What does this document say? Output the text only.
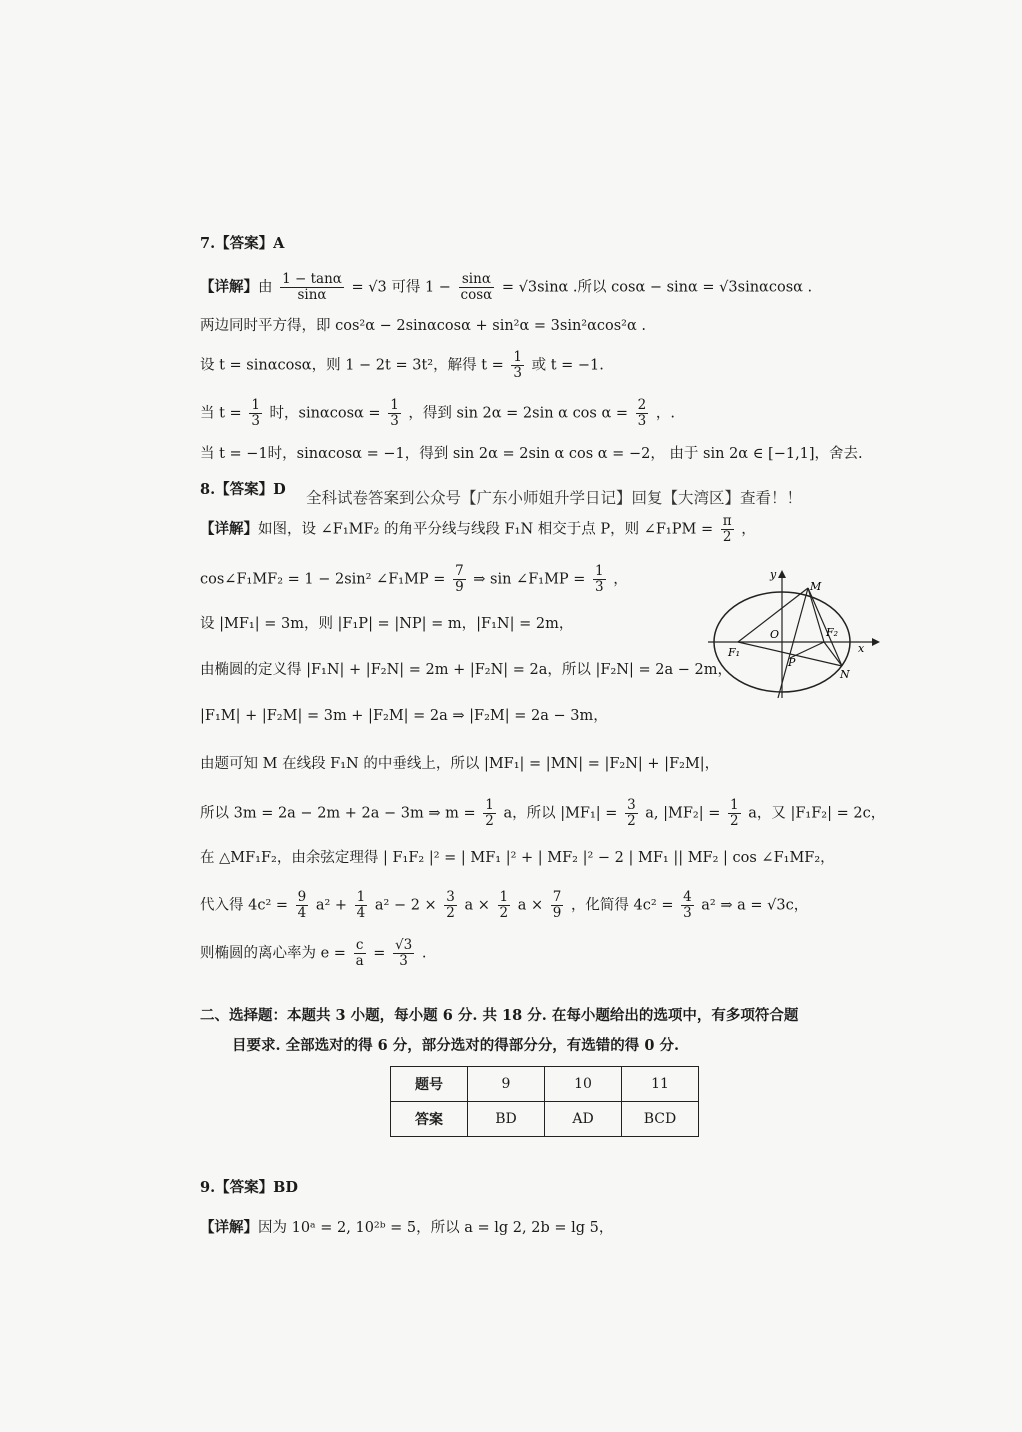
7.【答案】A
【详解】由 $\frac{1 - \tan\alpha}{\sin\alpha} = √3$ 可得 $1 - \frac{\sin\alpha}{\cos\alpha} = √3\sin\alpha$ .所以 cosα − sinα = √3sinαcosα .
两边同时平方得，即 cos²α − 2sinαcosα + sin²α = 3sin²αcos²α .
设 t = sinαcosα，则 1 − 2t = 3t²，解得 $t = \frac{1}{3}$ 或 t = −1.
当 $t = \frac{1}{3}$ 时，$\sin\alpha\cos\alpha = \frac{1}{3}$ ，得到 sin 2α = 2sin α $\cos \alpha = \frac{2}{3}$ ，.
当 t = −1时，sinαcosα = −1，得到 sin 2α = 2sin α cos α = −2， 由于 sin 2α ∈ [−1,1]，舍去.
8.【答案】D 全科试卷答案到公众号【广东小师姐升学日记】回复【大湾区】查看！！
【详解】如图，设 ∠F₁MF₂ 的角平分线与线段 F₁N 相交于点 P，则 ∠F₁PM = $\frac{\pi}{2}$ ，
cos∠F₁MF₂ = 1 − 2sin² ∠F₁MP = $\frac{7}{9}$ ⇒ sin ∠F₁MP = $\frac{1}{3}$ ，
设 |MF₁| = 3m，则 |F₁P| = |NP| = m，|F₁N| = 2m，
由椭圆的定义得 |F₁N| + |F₂N| = 2m + |F₂N| = 2a，所以 |F₂N| = 2a − 2m，
|F₁M| + |F₂M| = 3m + |F₂M| = 2a ⇒ |F₂M| = 2a − 3m，
由题可知 M 在线段 F₁N 的中垂线上，所以 |MF₁| = |MN| = |F₂N| + |F₂M|，
所以 3m = 2a − 2m + 2a − 3m ⇒ $m = \frac{1}{2}$ a，所以 $|MF_1| = \frac{3}{2} a$, $|MF_2| = \frac{1}{2}$ a，又 |F₁F₂| = 2c，
在 △MF₁F₂，由余弦定理得 | F₁F₂ |² = | MF₁ |² + | MF₂ |² − 2 | MF₁ || MF₂ | cos ∠F₁MF₂，
代入得 $4c^2 = \frac{9}{4} a^2 + \frac{1}{4} a^2 - 2 \times \frac{3}{2}$ $a \times \frac{1}{2}$ $a \times \frac{7}{9}$ ，化简得 $4c^2 = \frac{4}{3} a^2$ ⇒ a = √3c，
则椭圆的离心率为 $e = \frac{c}{a} = \frac{√3}{3}$ .
y
M
O	F₂
x
F₁
P
N
二、选择题：本题共 3 小题，每小题 6 分. 共 18 分. 在每小题给出的选项中，有多项符合题
目要求. 全部选对的得 6 分，部分选对的得部分分，有选错的得 0 分.
题号	9	10	11
答案	BD	AD	BCD
9.【答案】BD
【详解】因为 10ᵃ = 2, 10²ᵇ = 5，所以 a = lg 2, 2b = lg 5，
